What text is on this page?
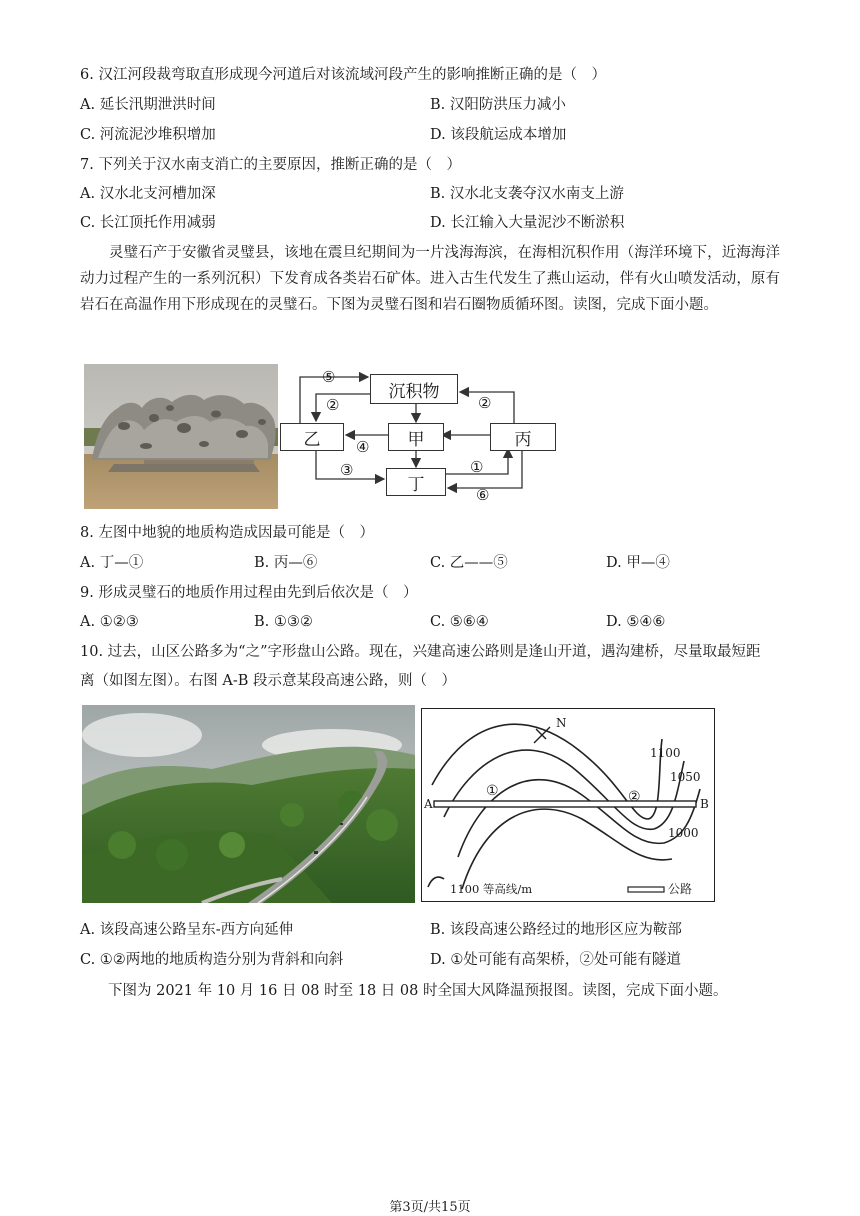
6. 汉江河段裁弯取直形成现今河道后对该流域河段产生的影响推断正确的是（　）
A. 延长汛期泄洪时间	B. 汉阳防洪压力减小
C. 河流泥沙堆积增加	D. 该段航运成本增加
7. 下列关于汉水南支消亡的主要原因，推断正确的是（　）
A. 汉水北支河槽加深	B. 汉水北支袭夺汉水南支上游
C. 长江顶托作用减弱	D. 长江输入大量泥沙不断淤积
灵璧石产于安徽省灵璧县，该地在震旦纪期间为一片浅海海滨，在海相沉积作用（海洋环境下，近海海洋动力过程产生的一系列沉积）下发育成各类岩石矿体。进入古生代发生了燕山运动，伴有火山喷发活动，原有岩石在高温作用下形成现在的灵璧石。下图为灵璧石图和岩石圈物质循环图。读图，完成下面小题。
沉积物
乙	甲	丙
丁
⑤
②	②
④
③	①
⑥
8. 左图中地貌的地质构造成因最可能是（　）
A. 丁—①	B. 丙—⑥	C. 乙——⑤	D. 甲—④
9. 形成灵璧石的地质作用过程由先到后依次是（　）
A. ①②③	B. ①③②	C. ⑤⑥④	D. ⑤④⑥
10. 过去，山区公路多为“之”字形盘山公路。现在，兴建高速公路则是逢山开道，遇沟建桥，尽量取最短距
离（如图左图）。右图 A-B 段示意某段高速公路，则（　）
N
1100
1050
1000
A	B
①	②
1100 等高线/m	公路
A. 该段高速公路呈东-西方向延伸	B. 该段高速公路经过的地形区应为鞍部
C. ①②两地的地质构造分别为背斜和向斜	D. ①处可能有高架桥，②处可能有隧道
下图为 2021 年 10 月 16 日 08 时至 18 日 08 时全国大风降温预报图。读图，完成下面小题。
第3页/共15页
